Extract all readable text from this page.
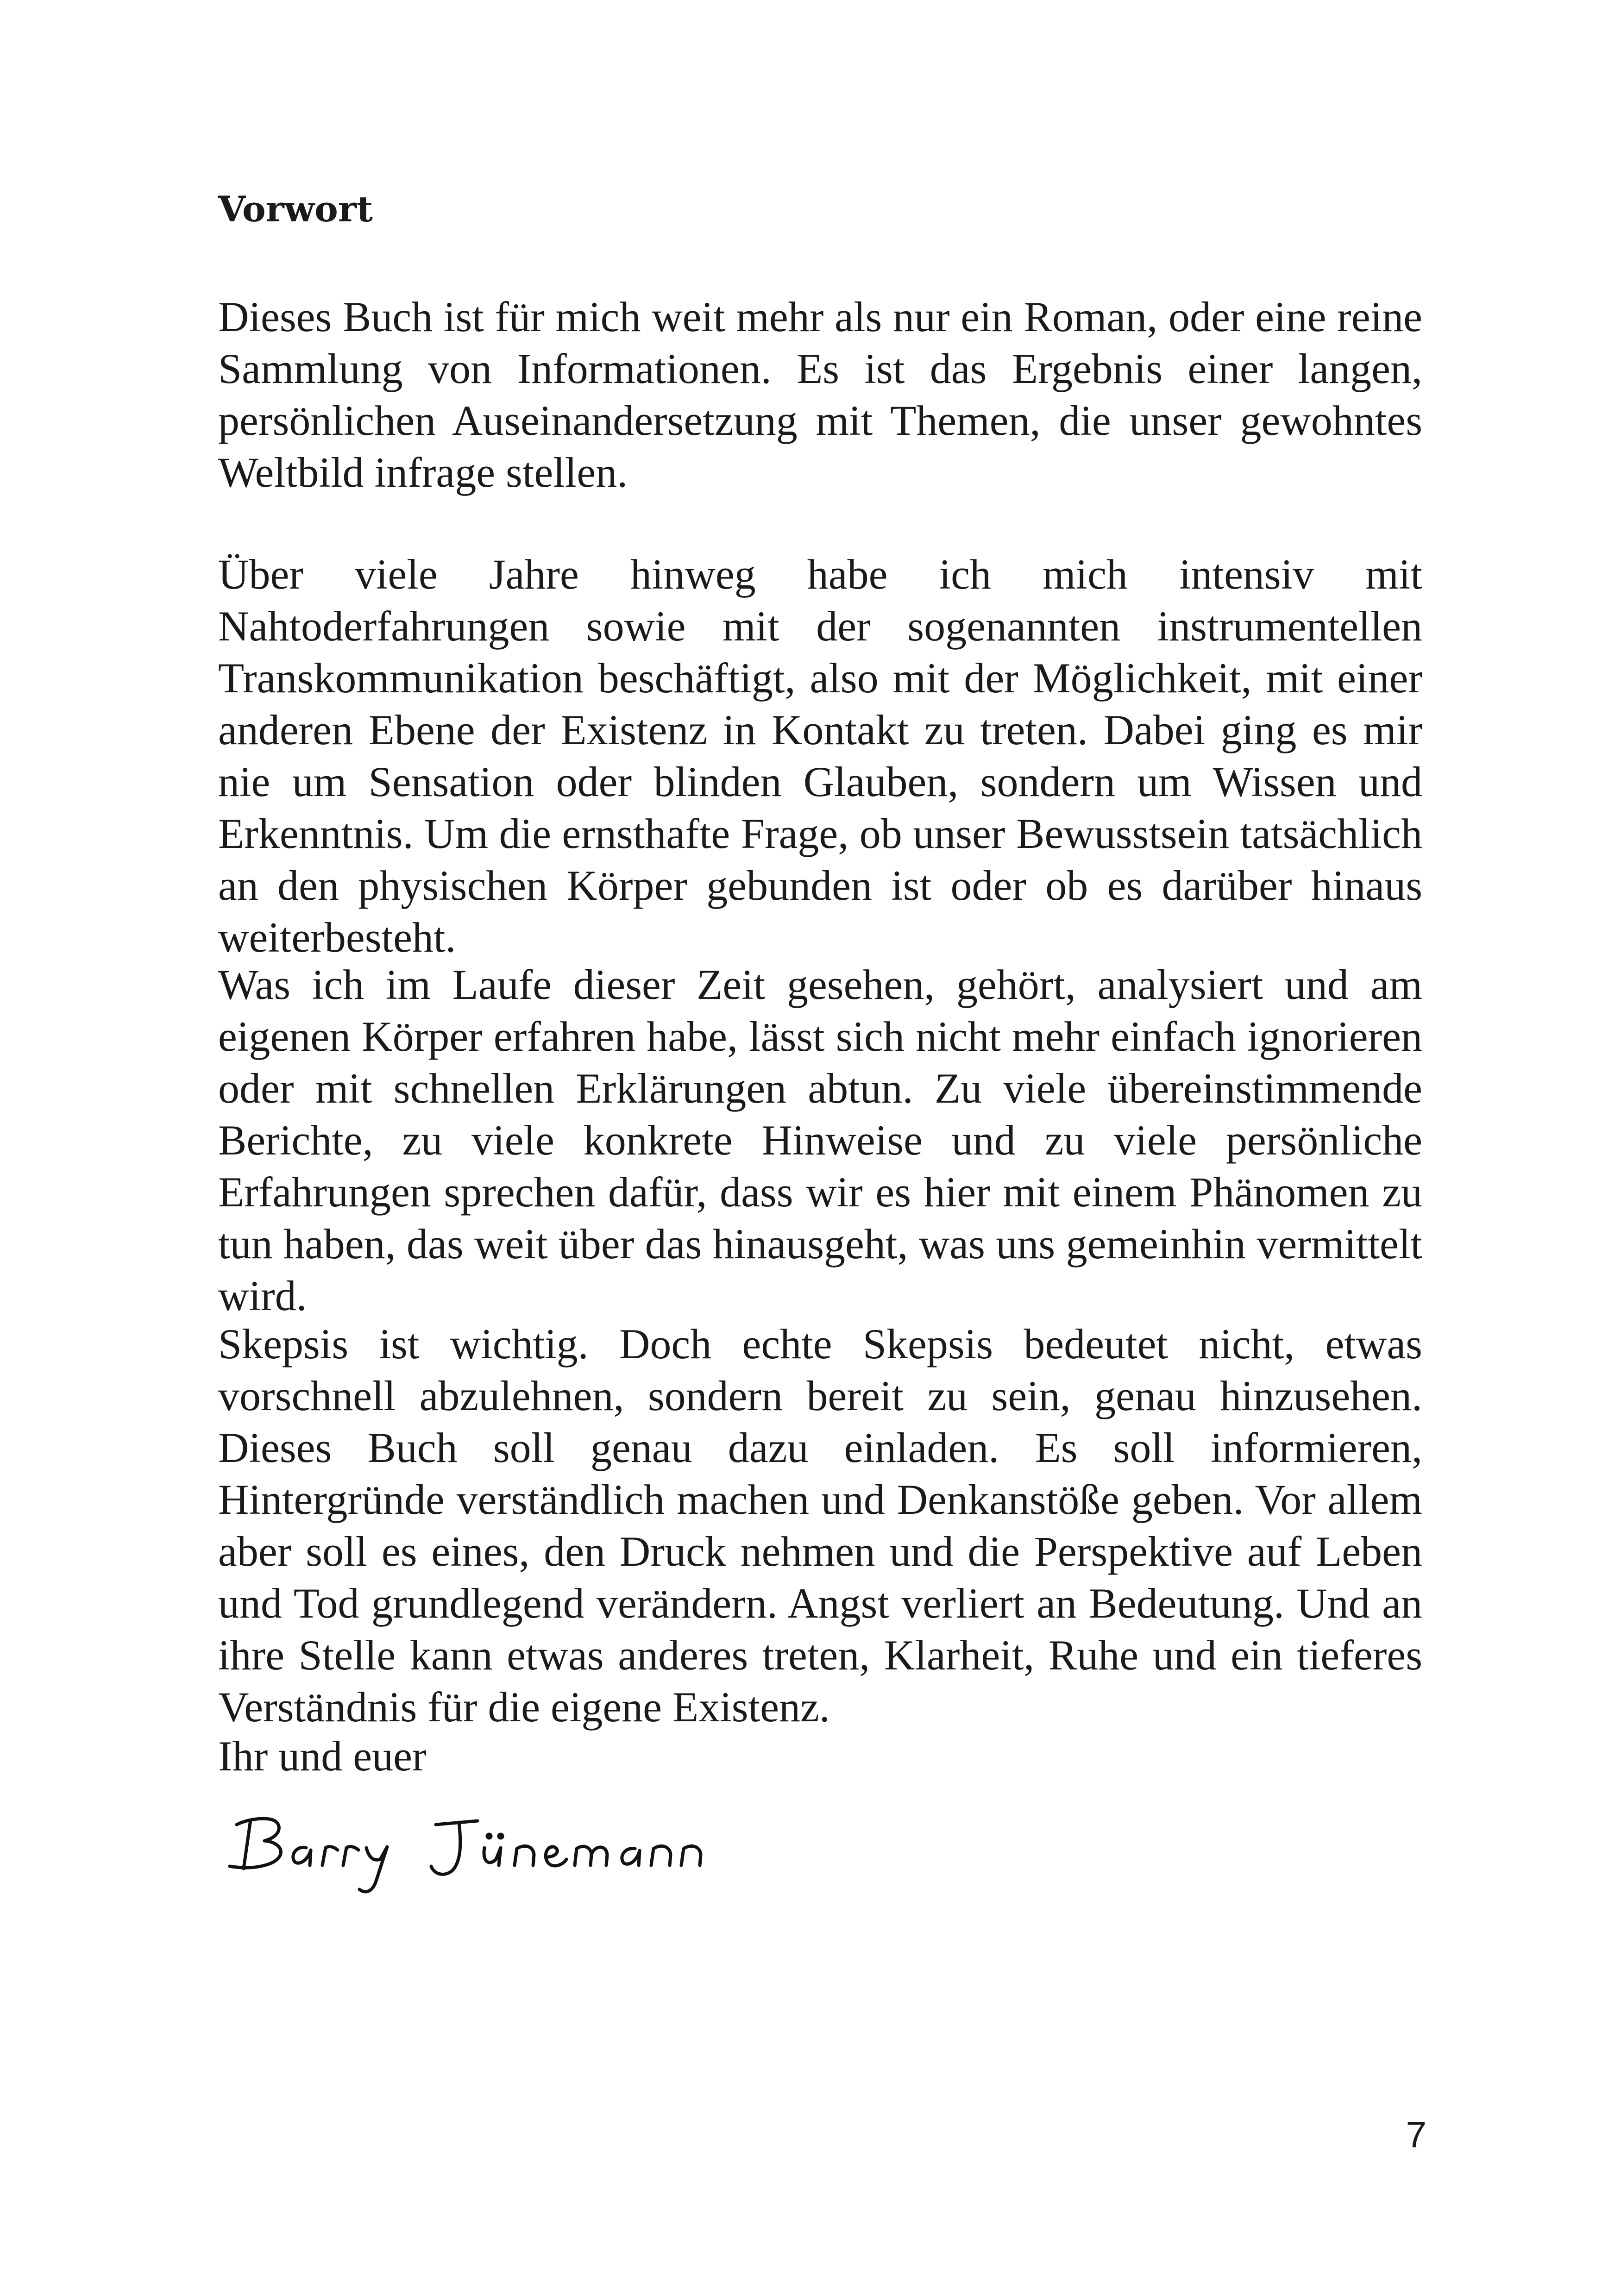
Vorwort

Dieses Buch ist für mich weit mehr als nur ein Roman, oder eine reine Sammlung von Informationen. Es ist das Ergebnis einer langen, persönlichen Auseinandersetzung mit Themen, die unser gewohntes Weltbild infrage stellen.

Über viele Jahre hinweg habe ich mich intensiv mit Nahtoderfahrungen sowie mit der sogenannten instrumentellen Transkommunikation beschäftigt, also mit der Möglichkeit, mit einer anderen Ebene der Existenz in Kontakt zu treten. Dabei ging es mir nie um Sensation oder blinden Glauben, sondern um Wissen und Erkenntnis. Um die ernsthafte Frage, ob unser Bewusstsein tatsächlich an den physischen Körper gebunden ist oder ob es darüber hinaus weiterbesteht.

Was ich im Laufe dieser Zeit gesehen, gehört, analysiert und am eigenen Körper erfahren habe, lässt sich nicht mehr einfach ignorieren oder mit schnellen Erklärungen abtun. Zu viele übereinstimmende Berichte, zu viele konkrete Hinweise und zu viele persönliche Erfahrungen sprechen dafür, dass wir es hier mit einem Phänomen zu tun haben, das weit über das hinausgeht, was uns gemeinhin vermittelt wird.

Skepsis ist wichtig. Doch echte Skepsis bedeutet nicht, etwas vorschnell abzulehnen, sondern bereit zu sein, genau hinzusehen. Dieses Buch soll genau dazu einladen. Es soll informieren, Hintergründe verständlich machen und Denkanstöße geben. Vor allem aber soll es eines, den Druck nehmen und die Perspektive auf Leben und Tod grundlegend verändern. Angst verliert an Bedeutung. Und an ihre Stelle kann etwas anderes treten, Klarheit, Ruhe und ein tieferes Verständnis für die eigene Existenz.

Ihr und euer

7
